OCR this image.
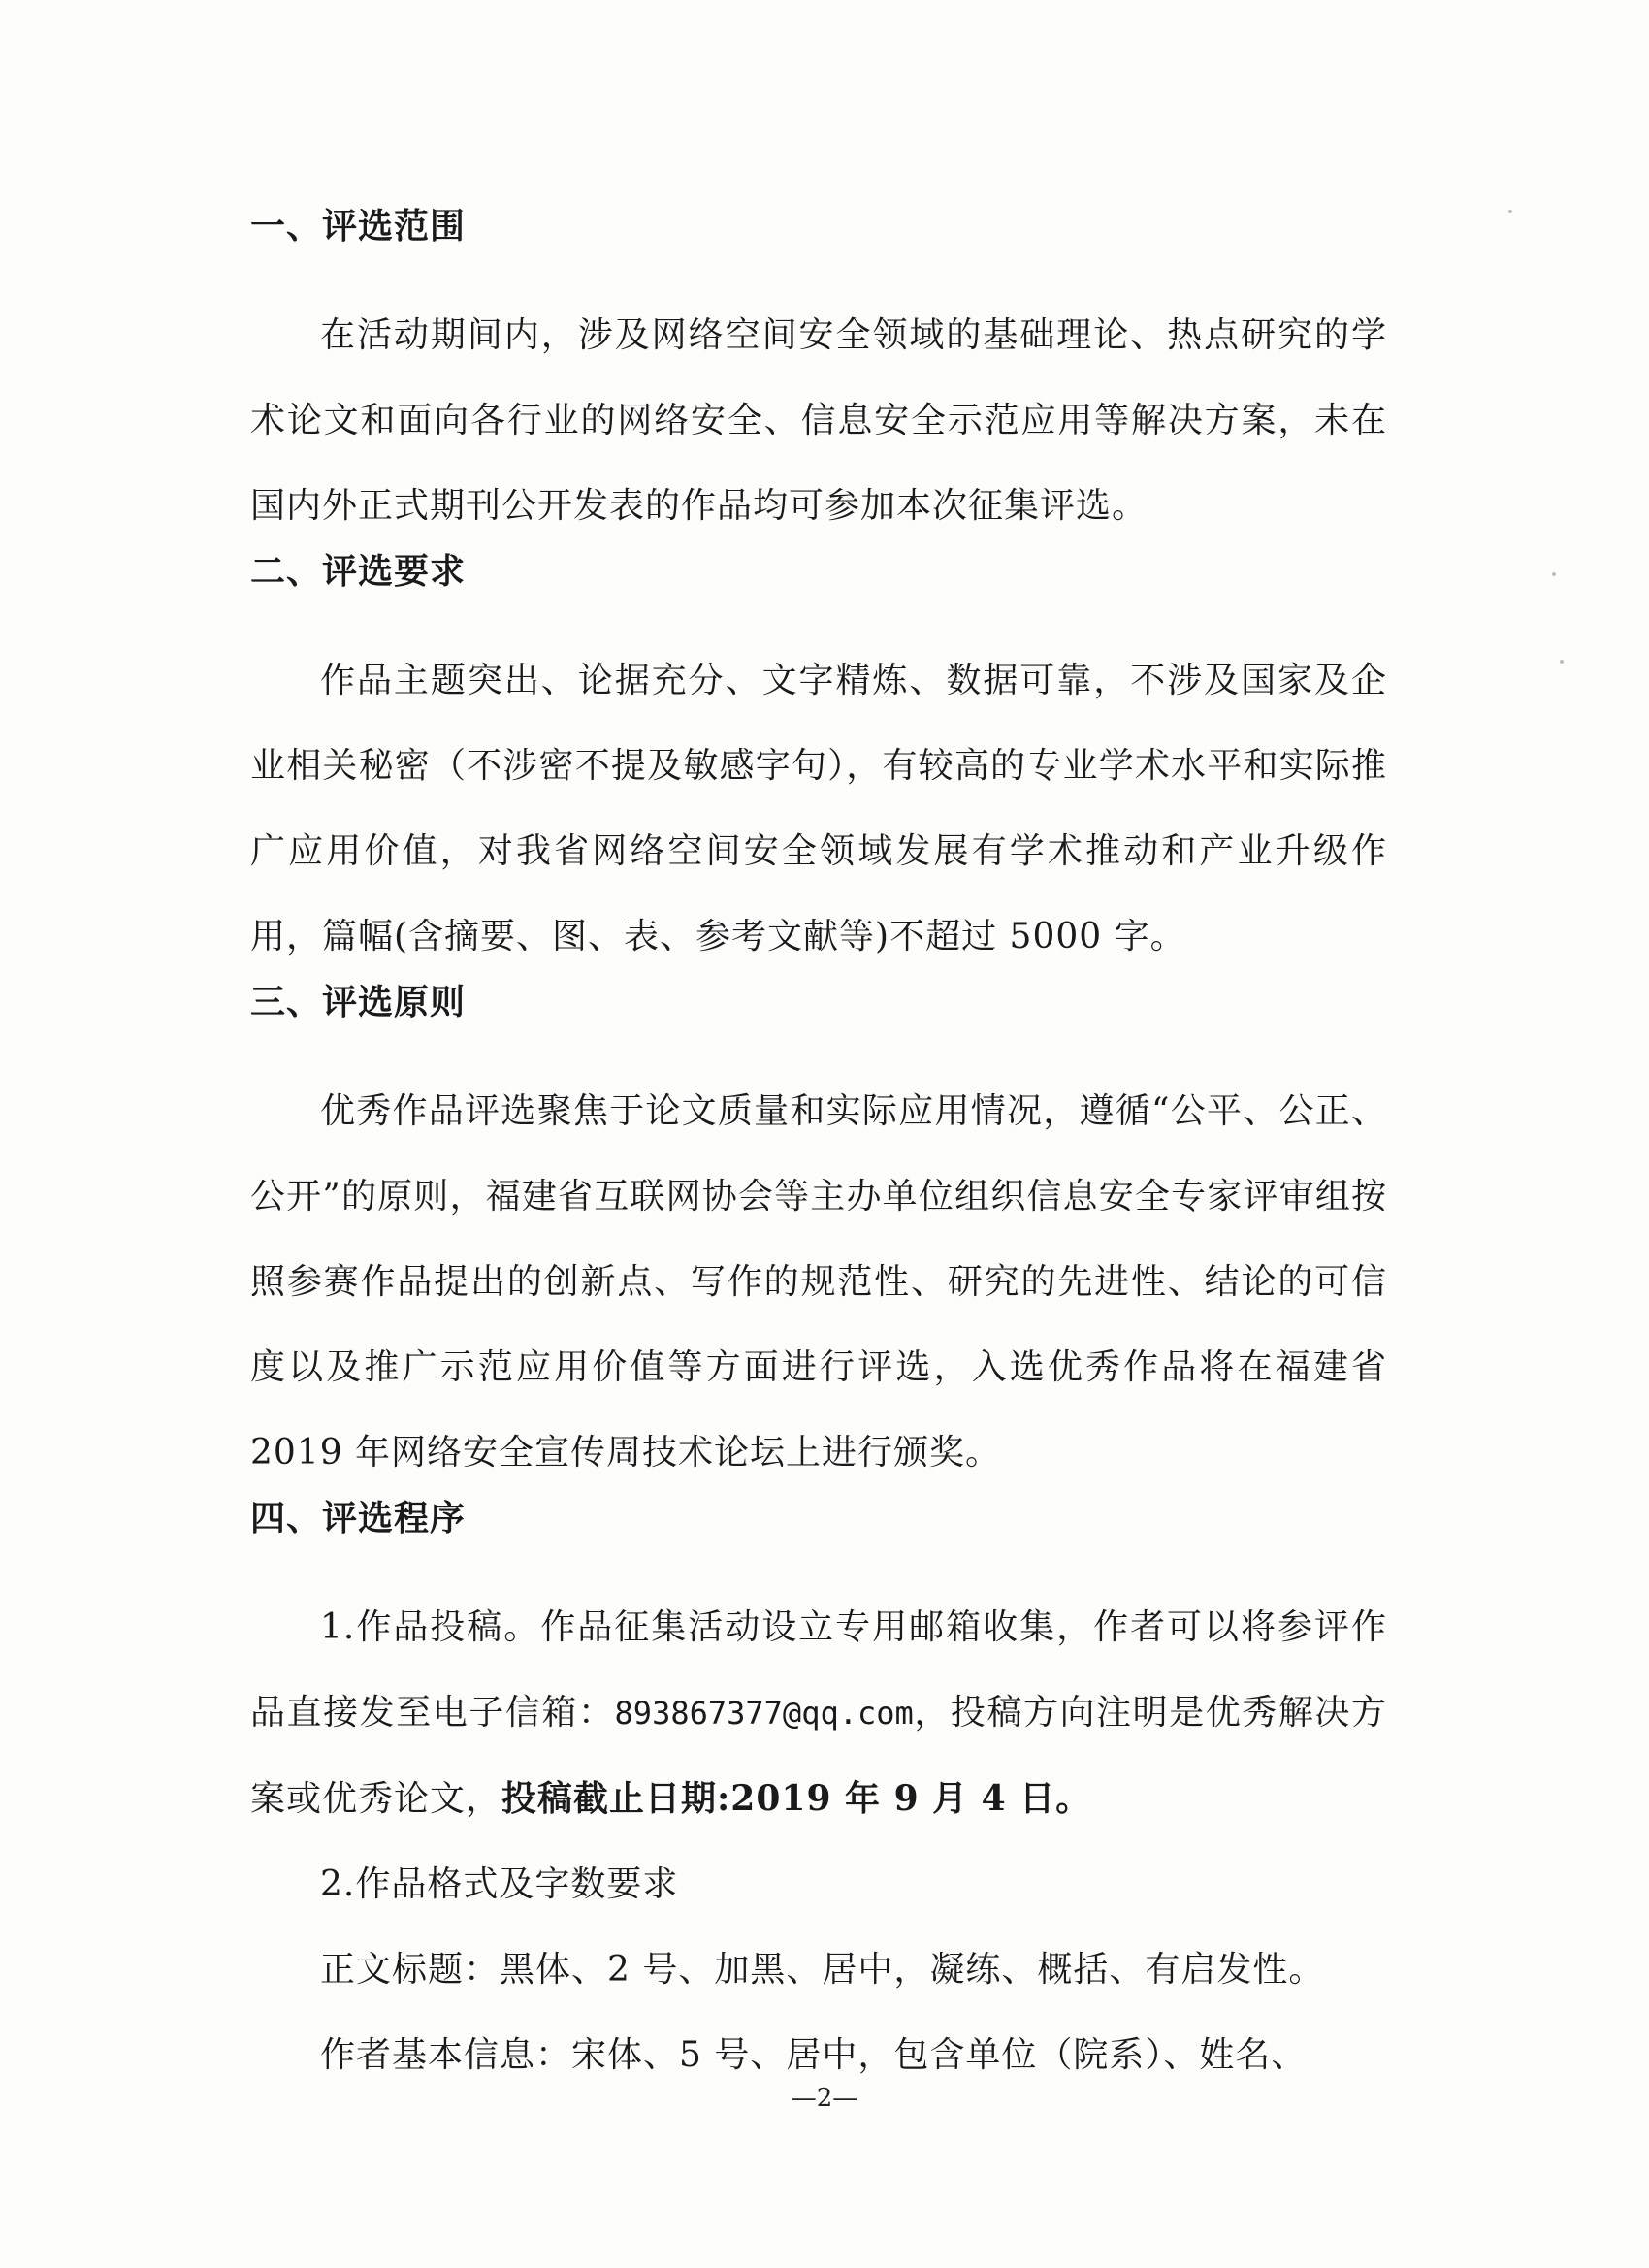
一、评选范围

在活动期间内，涉及网络空间安全领域的基础理论、热点研究的学术论文和面向各行业的网络安全、信息安全示范应用等解决方案，未在国内外正式期刊公开发表的作品均可参加本次征集评选。

二、评选要求

作品主题突出、论据充分、文字精炼、数据可靠，不涉及国家及企业相关秘密（不涉密不提及敏感字句），有较高的专业学术水平和实际推广应用价值，对我省网络空间安全领域发展有学术推动和产业升级作用，篇幅(含摘要、图、表、参考文献等)不超过 5000 字。

三、评选原则

优秀作品评选聚焦于论文质量和实际应用情况，遵循“公平、公正、公开”的原则，福建省互联网协会等主办单位组织信息安全专家评审组按照参赛作品提出的创新点、写作的规范性、研究的先进性、结论的可信度以及推广示范应用价值等方面进行评选，入选优秀作品将在福建省 2019 年网络安全宣传周技术论坛上进行颁奖。

四、评选程序

1.作品投稿。作品征集活动设立专用邮箱收集，作者可以将参评作品直接发至电子信箱：893867377@qq.com，投稿方向注明是优秀解决方案或优秀论文，投稿截止日期:2019 年 9 月 4 日。

2.作品格式及字数要求

正文标题：黑体、2 号、加黑、居中，凝练、概括、有启发性。

作者基本信息：宋体、5 号、居中，包含单位（院系）、姓名、

—2—
